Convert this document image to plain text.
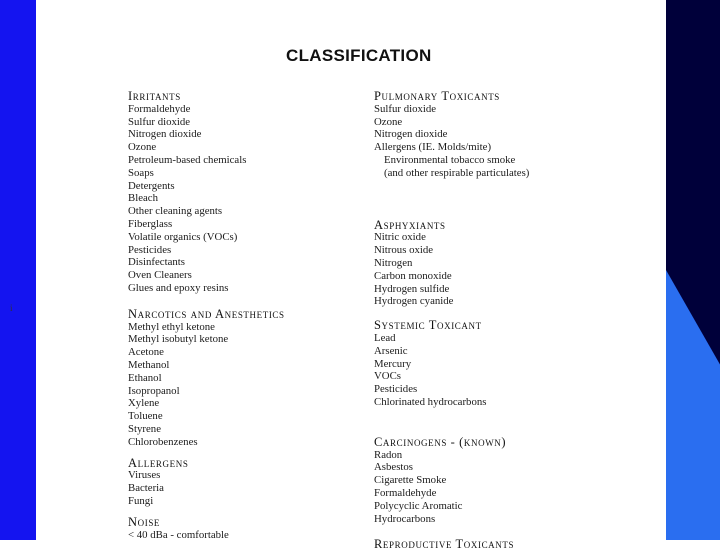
CLASSIFICATION
Irritants
Formaldehyde
Sulfur dioxide
Nitrogen dioxide
Ozone
Petroleum-based chemicals
Soaps
Detergents
Bleach
Other cleaning agents
Fiberglass
Volatile organics (VOCs)
Pesticides
Disinfectants
Oven Cleaners
Glues and epoxy resins
Narcotics and Anesthetics
Methyl ethyl ketone
Methyl isobutyl ketone
Acetone
Methanol
Ethanol
Isopropanol
Xylene
Toluene
Styrene
Chlorobenzenes
Allergens
Viruses
Bacteria
Fungi
Noise
< 40 dBa - comfortable
Pulmonary Toxicants
Sulfur dioxide
Ozone
Nitrogen dioxide
Allergens (IE. Molds/mite)
Environmental tobacco smoke
(and other respirable particulates)
Asphyxiants
Nitric oxide
Nitrous oxide
Nitrogen
Carbon monoxide
Hydrogen sulfide
Hydrogen cyanide
Systemic Toxicant
Lead
Arsenic
Mercury
VOCs
Pesticides
Chlorinated hydrocarbons
Carcinogens - (known)
Radon
Asbestos
Cigarette Smoke
Formaldehyde
Polycyclic Aromatic
Hydrocarbons
Reproductive Toxicants
i
